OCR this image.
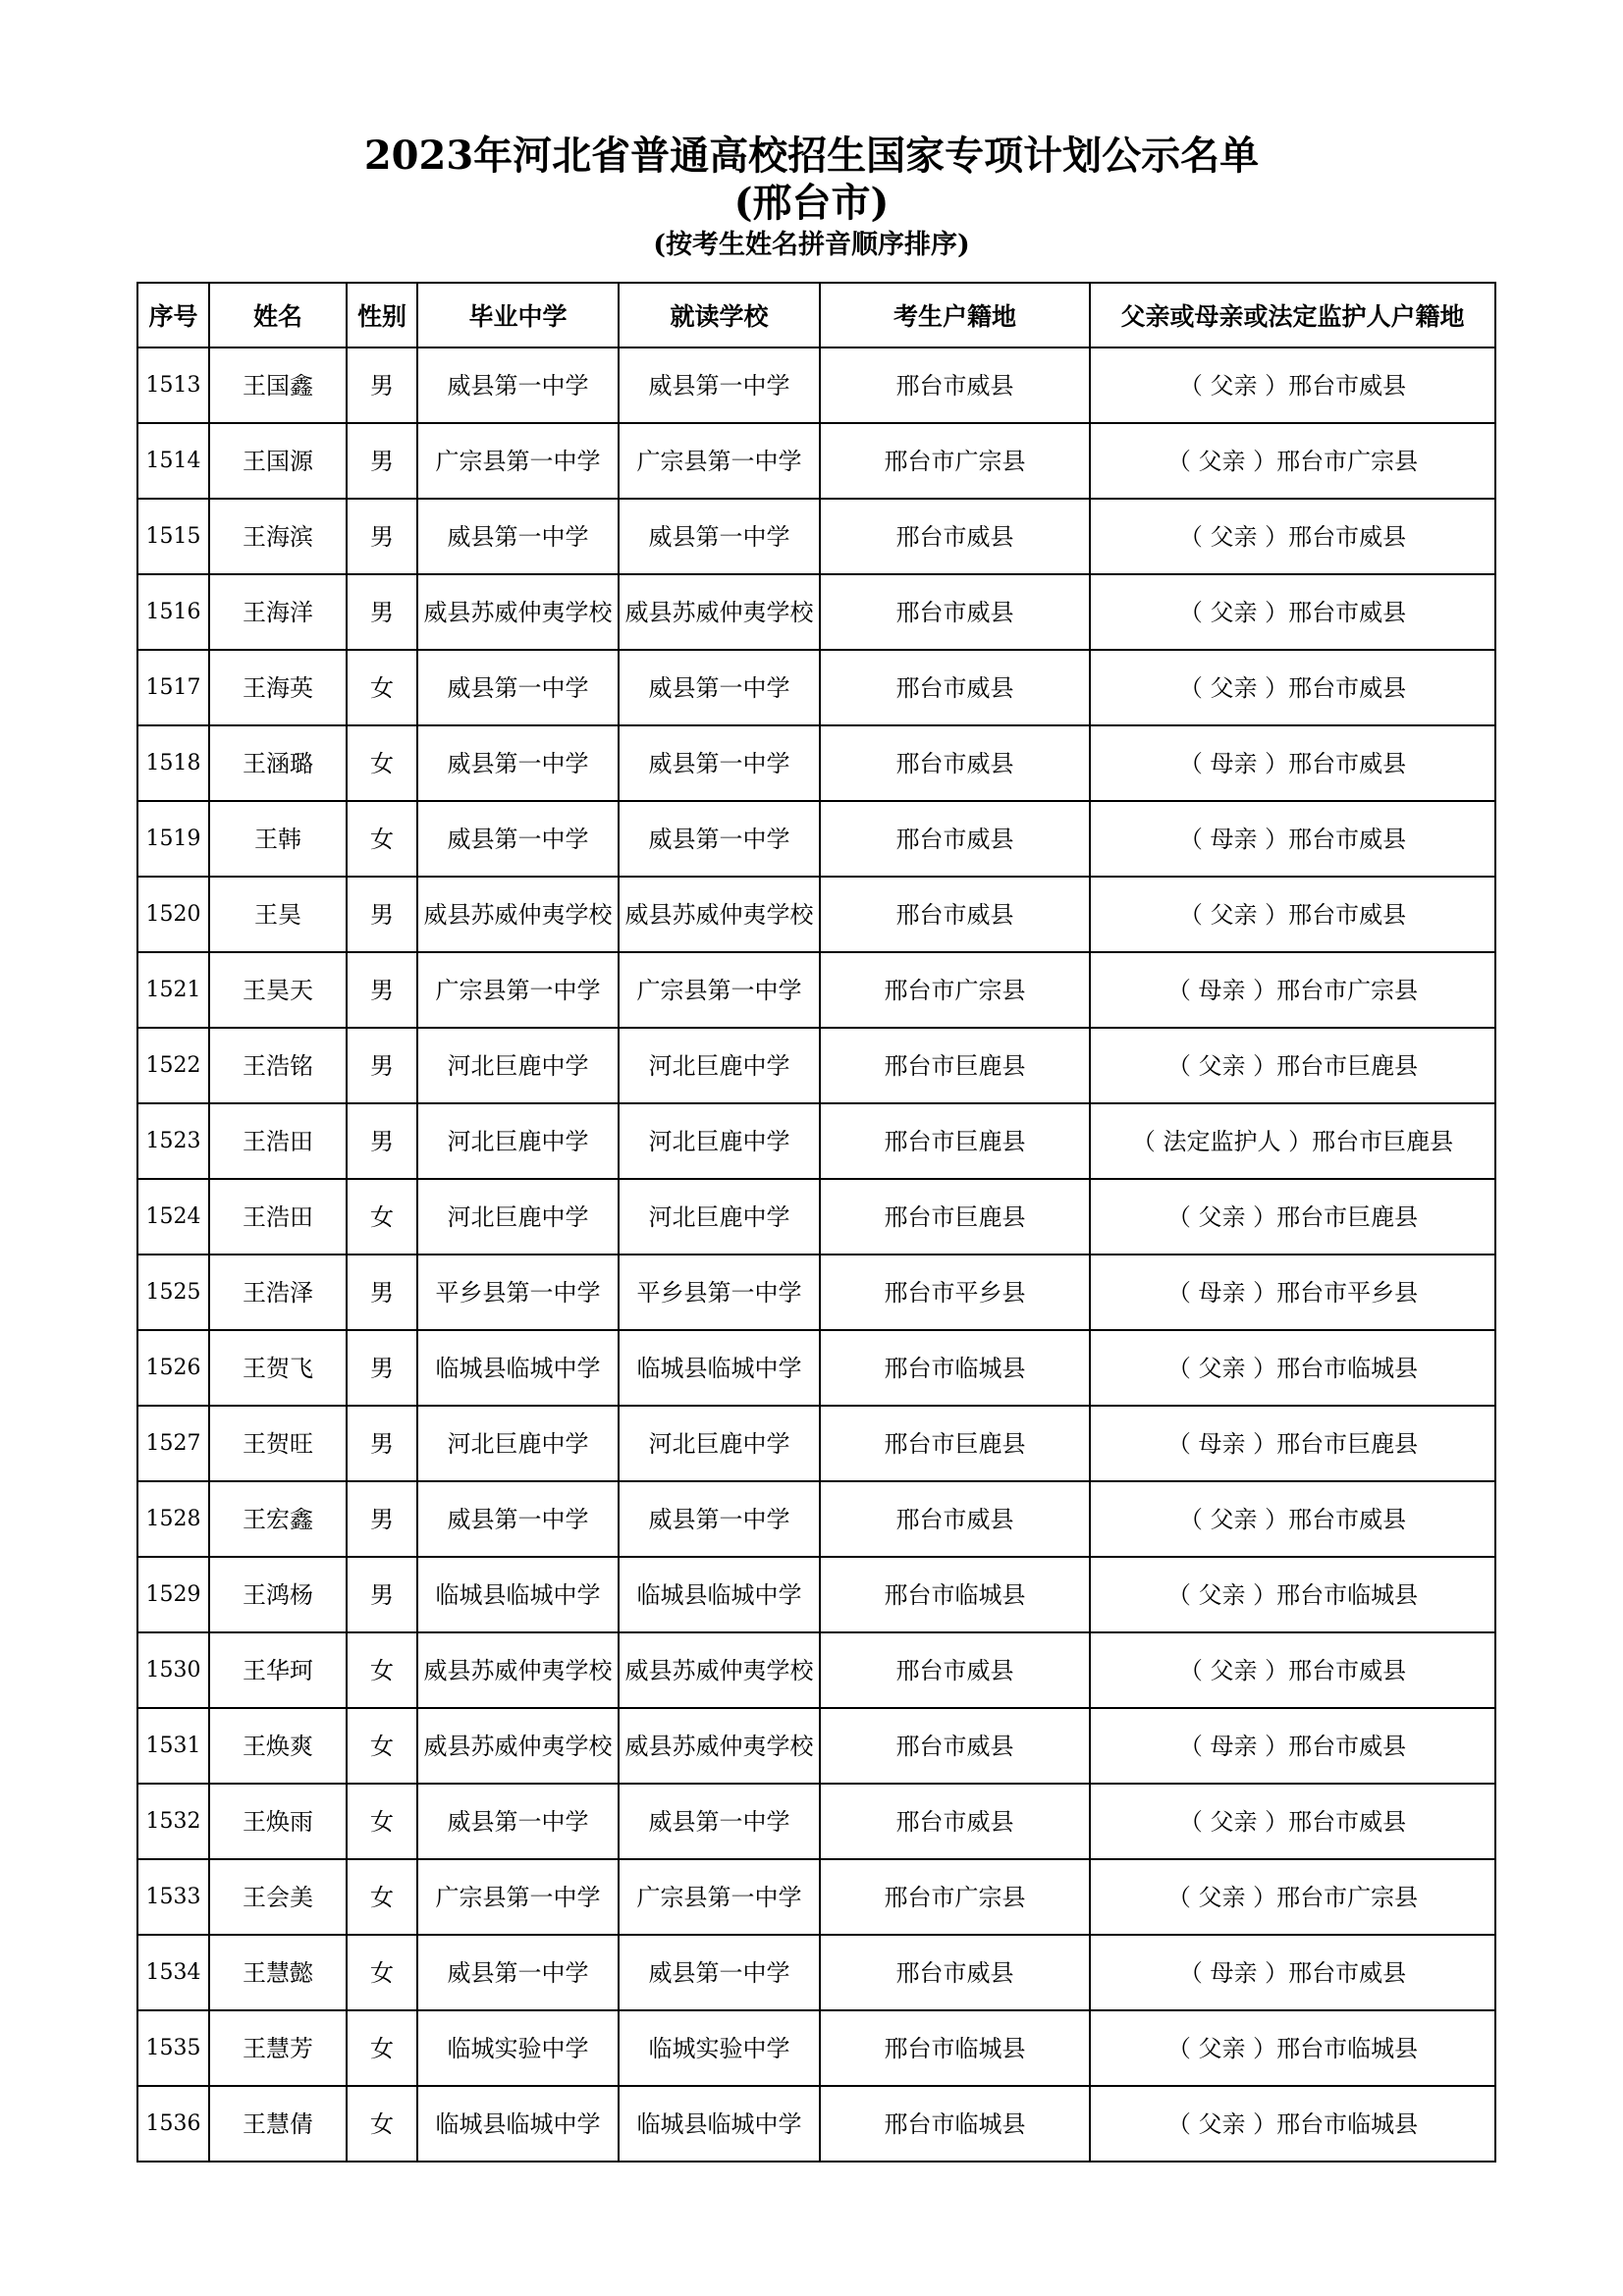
2023年河北省普通高校招生国家专项计划公示名单
(邢台市)
(按考生姓名拼音顺序排序)
序号	姓名	性别	毕业中学	就读学校	考生户籍地	父亲或母亲或法定监护人户籍地
1513	王国鑫	男	威县第一中学	威县第一中学	邢台市威县	（ 父亲 ）邢台市威县
1514	王国源	男	广宗县第一中学	广宗县第一中学	邢台市广宗县	（ 父亲 ）邢台市广宗县
1515	王海滨	男	威县第一中学	威县第一中学	邢台市威县	（ 父亲 ）邢台市威县
1516	王海洋	男	威县苏威仲夷学校	威县苏威仲夷学校	邢台市威县	（ 父亲 ）邢台市威县
1517	王海英	女	威县第一中学	威县第一中学	邢台市威县	（ 父亲 ）邢台市威县
1518	王涵璐	女	威县第一中学	威县第一中学	邢台市威县	（ 母亲 ）邢台市威县
1519	王韩	女	威县第一中学	威县第一中学	邢台市威县	（ 母亲 ）邢台市威县
1520	王昊	男	威县苏威仲夷学校	威县苏威仲夷学校	邢台市威县	（ 父亲 ）邢台市威县
1521	王昊天	男	广宗县第一中学	广宗县第一中学	邢台市广宗县	（ 母亲 ）邢台市广宗县
1522	王浩铭	男	河北巨鹿中学	河北巨鹿中学	邢台市巨鹿县	（ 父亲 ）邢台市巨鹿县
1523	王浩田	男	河北巨鹿中学	河北巨鹿中学	邢台市巨鹿县	（ 法定监护人 ）邢台市巨鹿县
1524	王浩田	女	河北巨鹿中学	河北巨鹿中学	邢台市巨鹿县	（ 父亲 ）邢台市巨鹿县
1525	王浩泽	男	平乡县第一中学	平乡县第一中学	邢台市平乡县	（ 母亲 ）邢台市平乡县
1526	王贺飞	男	临城县临城中学	临城县临城中学	邢台市临城县	（ 父亲 ）邢台市临城县
1527	王贺旺	男	河北巨鹿中学	河北巨鹿中学	邢台市巨鹿县	（ 母亲 ）邢台市巨鹿县
1528	王宏鑫	男	威县第一中学	威县第一中学	邢台市威县	（ 父亲 ）邢台市威县
1529	王鸿杨	男	临城县临城中学	临城县临城中学	邢台市临城县	（ 父亲 ）邢台市临城县
1530	王华珂	女	威县苏威仲夷学校	威县苏威仲夷学校	邢台市威县	（ 父亲 ）邢台市威县
1531	王焕爽	女	威县苏威仲夷学校	威县苏威仲夷学校	邢台市威县	（ 母亲 ）邢台市威县
1532	王焕雨	女	威县第一中学	威县第一中学	邢台市威县	（ 父亲 ）邢台市威县
1533	王会美	女	广宗县第一中学	广宗县第一中学	邢台市广宗县	（ 父亲 ）邢台市广宗县
1534	王慧懿	女	威县第一中学	威县第一中学	邢台市威县	（ 母亲 ）邢台市威县
1535	王慧芳	女	临城实验中学	临城实验中学	邢台市临城县	（ 父亲 ）邢台市临城县
1536	王慧倩	女	临城县临城中学	临城县临城中学	邢台市临城县	（ 父亲 ）邢台市临城县
